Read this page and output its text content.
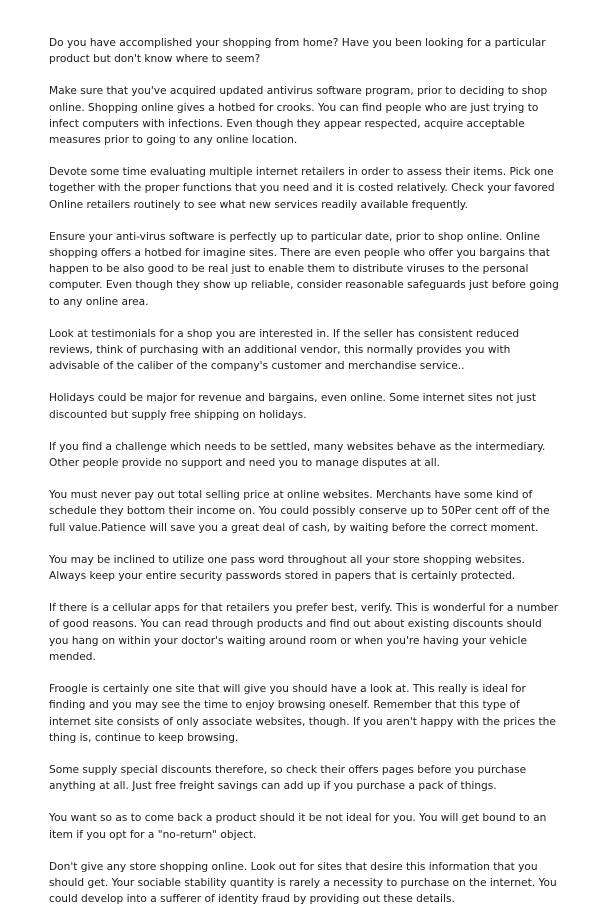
Do you have accomplished your shopping from home? Have you been looking for a particular product but don't know where to seem?

Make sure that you've acquired updated antivirus software program, prior to deciding to shop online. Shopping online gives a hotbed for crooks. You can find people who are just trying to infect computers with infections. Even though they appear respected, acquire acceptable measures prior to going to any online location.

Devote some time evaluating multiple internet retailers in order to assess their items. Pick one together with the proper functions that you need and it is costed relatively. Check your favored Online retailers routinely to see what new services readily available frequently.

Ensure your anti-virus software is perfectly up to particular date, prior to shop online. Online shopping offers a hotbed for imagine sites. There are even people who offer you bargains that happen to be also good to be real just to enable them to distribute viruses to the personal computer. Even though they show up reliable, consider reasonable safeguards just before going to any online area.

Look at testimonials for a shop you are interested in. If the seller has consistent reduced reviews, think of purchasing with an additional vendor, this normally provides you with advisable of the caliber of the company's customer and merchandise service..

Holidays could be major for revenue and bargains, even online. Some internet sites not just discounted but supply free shipping on holidays.

If you find a challenge which needs to be settled, many websites behave as the intermediary. Other people provide no support and need you to manage disputes at all.

You must never pay out total selling price at online websites. Merchants have some kind of schedule they bottom their income on. You could possibly conserve up to 50Per cent off of the full value.Patience will save you a great deal of cash, by waiting before the correct moment.

You may be inclined to utilize one pass word throughout all your store shopping websites. Always keep your entire security passwords stored in papers that is certainly protected.

If there is a cellular apps for that retailers you prefer best, verify. This is wonderful for a number of good reasons. You can read through products and find out about existing discounts should you hang on within your doctor's waiting around room or when you're having your vehicle mended.

Froogle is certainly one site that will give you should have a look at. This really is ideal for finding and you may see the time to enjoy browsing oneself. Remember that this type of internet site consists of only associate websites, though. If you aren't happy with the prices the thing is, continue to keep browsing.

Some supply special discounts therefore, so check their offers pages before you purchase anything at all. Just free freight savings can add up if you purchase a pack of things.

You want so as to come back a product should it be not ideal for you. You will get bound to an item if you opt for a "no-return" object.

Don't give any store shopping online. Look out for sites that desire this information that you should get. Your sociable stability quantity is rarely a necessity to purchase on the internet. You could develop into a sufferer of identity fraud by providing out these details.
